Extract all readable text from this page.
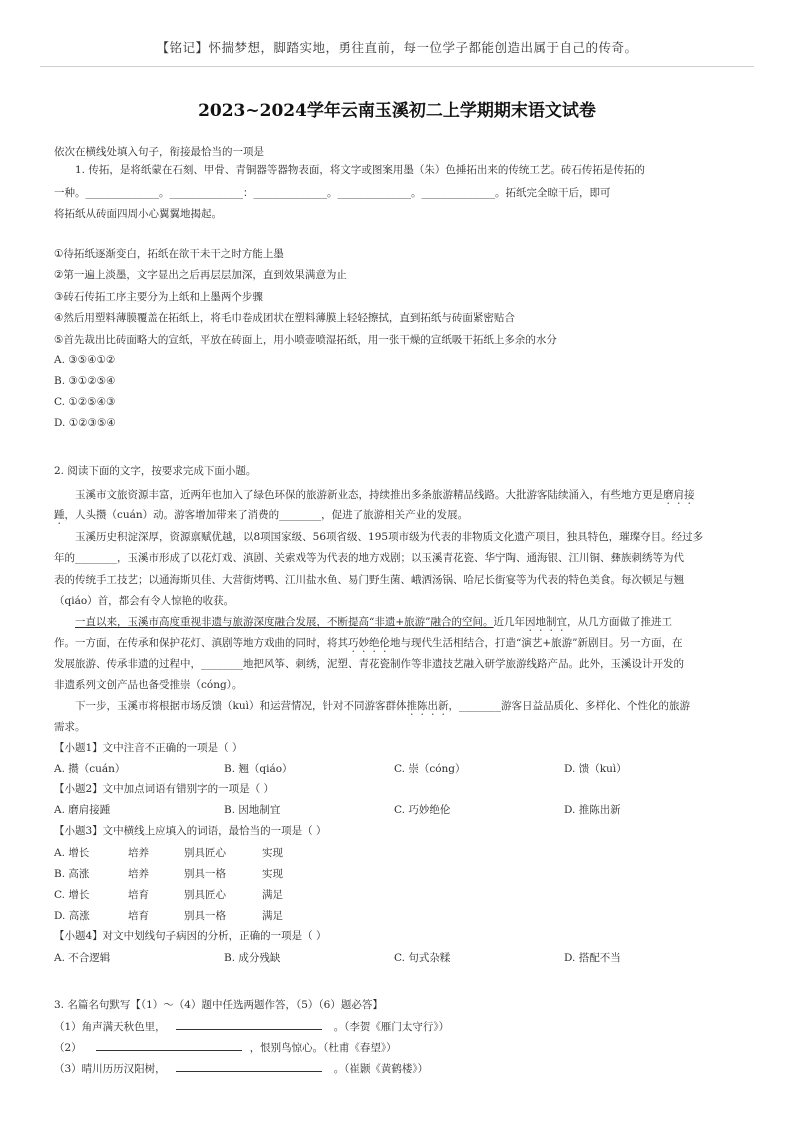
【铭记】怀揣梦想，脚踏实地，勇往直前，每一位学子都能创造出属于自己的传奇。
2023~2024学年云南玉溪初二上学期期末语文试卷
依次在横线处填入句子，衔接最恰当的一项是
1. 传拓，是将纸蒙在石刻、甲骨、青铜器等器物表面，将文字或图案用墨（朱）色捶拓出来的传统工艺。砖石传拓是传拓的
一种。______________。______________：______________。______________。______________。拓纸完全晾干后，即可
将拓纸从砖面四周小心翼翼地揭起。
①待拓纸逐渐变白，拓纸在欲干未干之时方能上墨
②第一遍上淡墨，文字显出之后再层层加深，直到效果满意为止
③砖石传拓工序主要分为上纸和上墨两个步骤
④然后用塑料薄膜覆盖在拓纸上，将毛巾卷成团状在塑料薄膜上轻轻擦拭，直到拓纸与砖面紧密贴合
⑤首先裁出比砖面略大的宣纸，平放在砖面上，用小喷壶喷湿拓纸，用一张干燥的宣纸吸干拓纸上多余的水分
A. ③⑤④①②
B. ③①②⑤④
C. ①②⑤④③
D. ①②③⑤④
2. 阅读下面的文字，按要求完成下面小题。
玉溪市文旅资源丰富，近两年也加入了绿色环保的旅游新业态，持续推出多条旅游精品线路。大批游客陆续涌入，有些地方更是磨肩接
踵，人头攒（cuán）动。游客增加带来了消费的________，促进了旅游相关产业的发展。
玉溪历史积淀深厚，资源禀赋优越，以8项国家级、56项省级、195项市级为代表的非物质文化遗产项目，独具特色，璀璨夺目。经过多
年的________，玉溪市形成了以花灯戏、滇剧、关索戏等为代表的地方戏剧；以玉溪青花瓷、华宁陶、通海银、江川铜、彝族刺绣等为代
表的传统手工技艺；以通海斯贝佳、大营街烤鸭、江川盐水鱼、易门野生菌、峨洒汤锅、哈尼长街宴等为代表的特色美食。每次顿足与翘
（qiáo）首，都会有令人惊艳的收获。
一直以来，玉溪市高度重视非遗与旅游深度融合发展，不断提高“非遗+旅游”融合的空间。近几年因地制宜，从几方面做了推进工
作。一方面，在传承和保护花灯、滇剧等地方戏曲的同时，将其巧妙绝伦地与现代生活相结合，打造“演艺+旅游”新剧目。另一方面，在
发展旅游、传承非遗的过程中，________地把风筝、刺绣，泥塑、青花瓷制作等非遗技艺融入研学旅游线路产品。此外，玉溪设计开发的
非遗系列文创产品也备受推崇（cóng）。
下一步，玉溪市将根据市场反馈（kuì）和运营情况，针对不同游客群体推陈出新，________游客日益品质化、多样化、个性化的旅游
需求。
【小题1】文中注音不正确的一项是（ ）
A. 攒（cuán）	B. 翘（qiáo）	C. 崇（cóng）	D. 馈（kuì）
【小题2】文中加点词语有错别字的一项是（ ）
A. 磨肩接踵	B. 因地制宜	C. 巧妙绝伦	D. 推陈出新
【小题3】文中横线上应填入的词语，最恰当的一项是（ ）
A. 增长	培养	别具匠心	实现
B. 高涨	培养	别具一格	实现
C. 增长	培育	别具匠心	满足
D. 高涨	培育	别具一格	满足
【小题4】对文中划线句子病因的分析，正确的一项是（ ）
A. 不合逻辑	B. 成分残缺	C. 句式杂糅	D. 搭配不当
3. 名篇名句默写【（1）～（4）题中任选两题作答，（5）（6）题必答】
（1）角声满天秋色里，	。（李贺《雁门太守行》）
（2）	，恨别鸟惊心。（杜甫《春望》）
（3）晴川历历汉阳树，	。（崔颢《黄鹤楼》）
